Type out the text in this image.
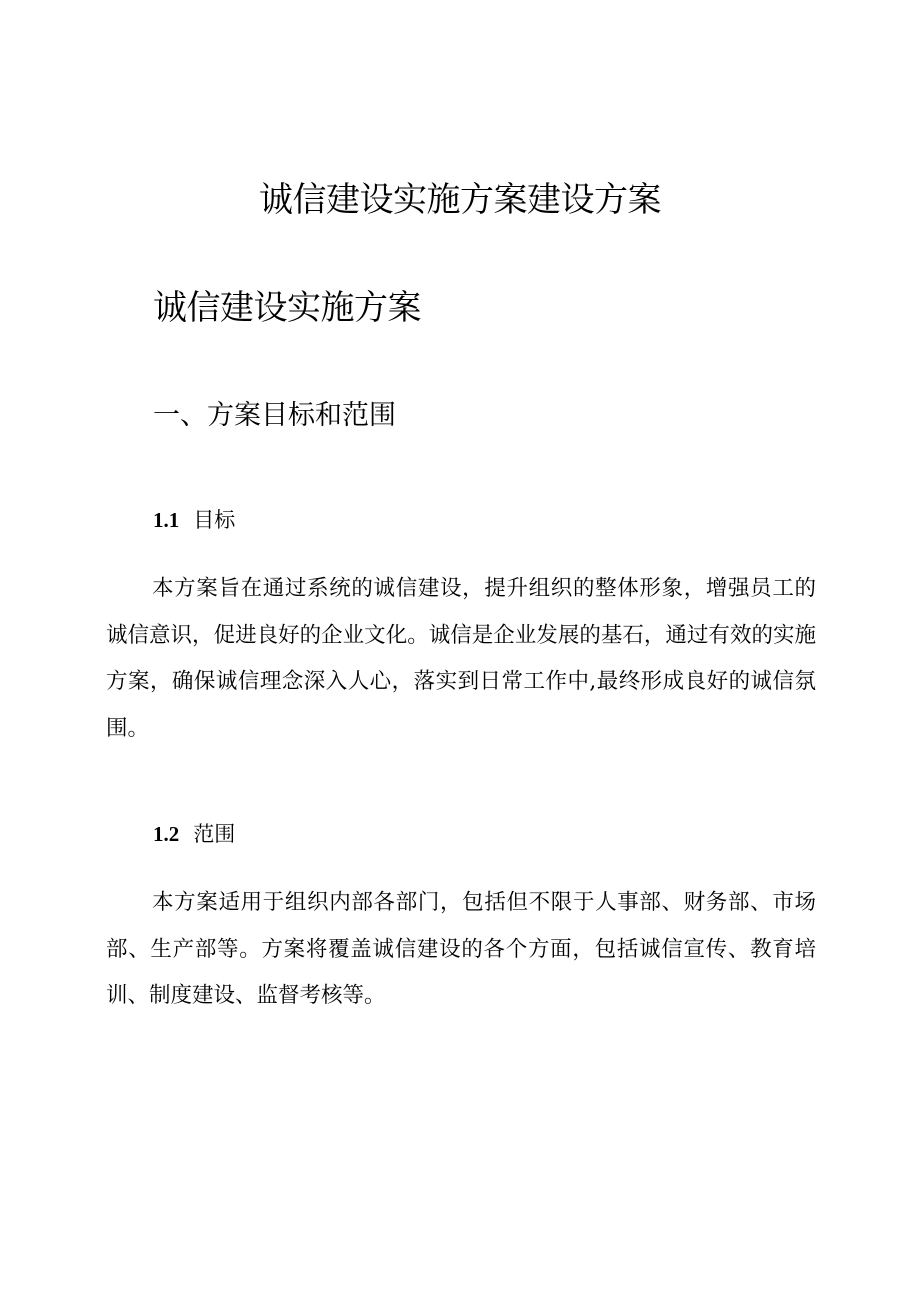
诚信建设实施方案建设方案
诚信建设实施方案
一、方案目标和范围
1.1 目标

本方案旨在通过系统的诚信建设，提升组织的整体形象，增强员工的诚信意识，促进良好的企业文化。诚信是企业发展的基石，通过有效的实施方案，确保诚信理念深入人心，落实到日常工作中,最终形成良好的诚信氛围。

1.2 范围

本方案适用于组织内部各部门，包括但不限于人事部、财务部、市场部、生产部等。方案将覆盖诚信建设的各个方面，包括诚信宣传、教育培训、制度建设、监督考核等。
